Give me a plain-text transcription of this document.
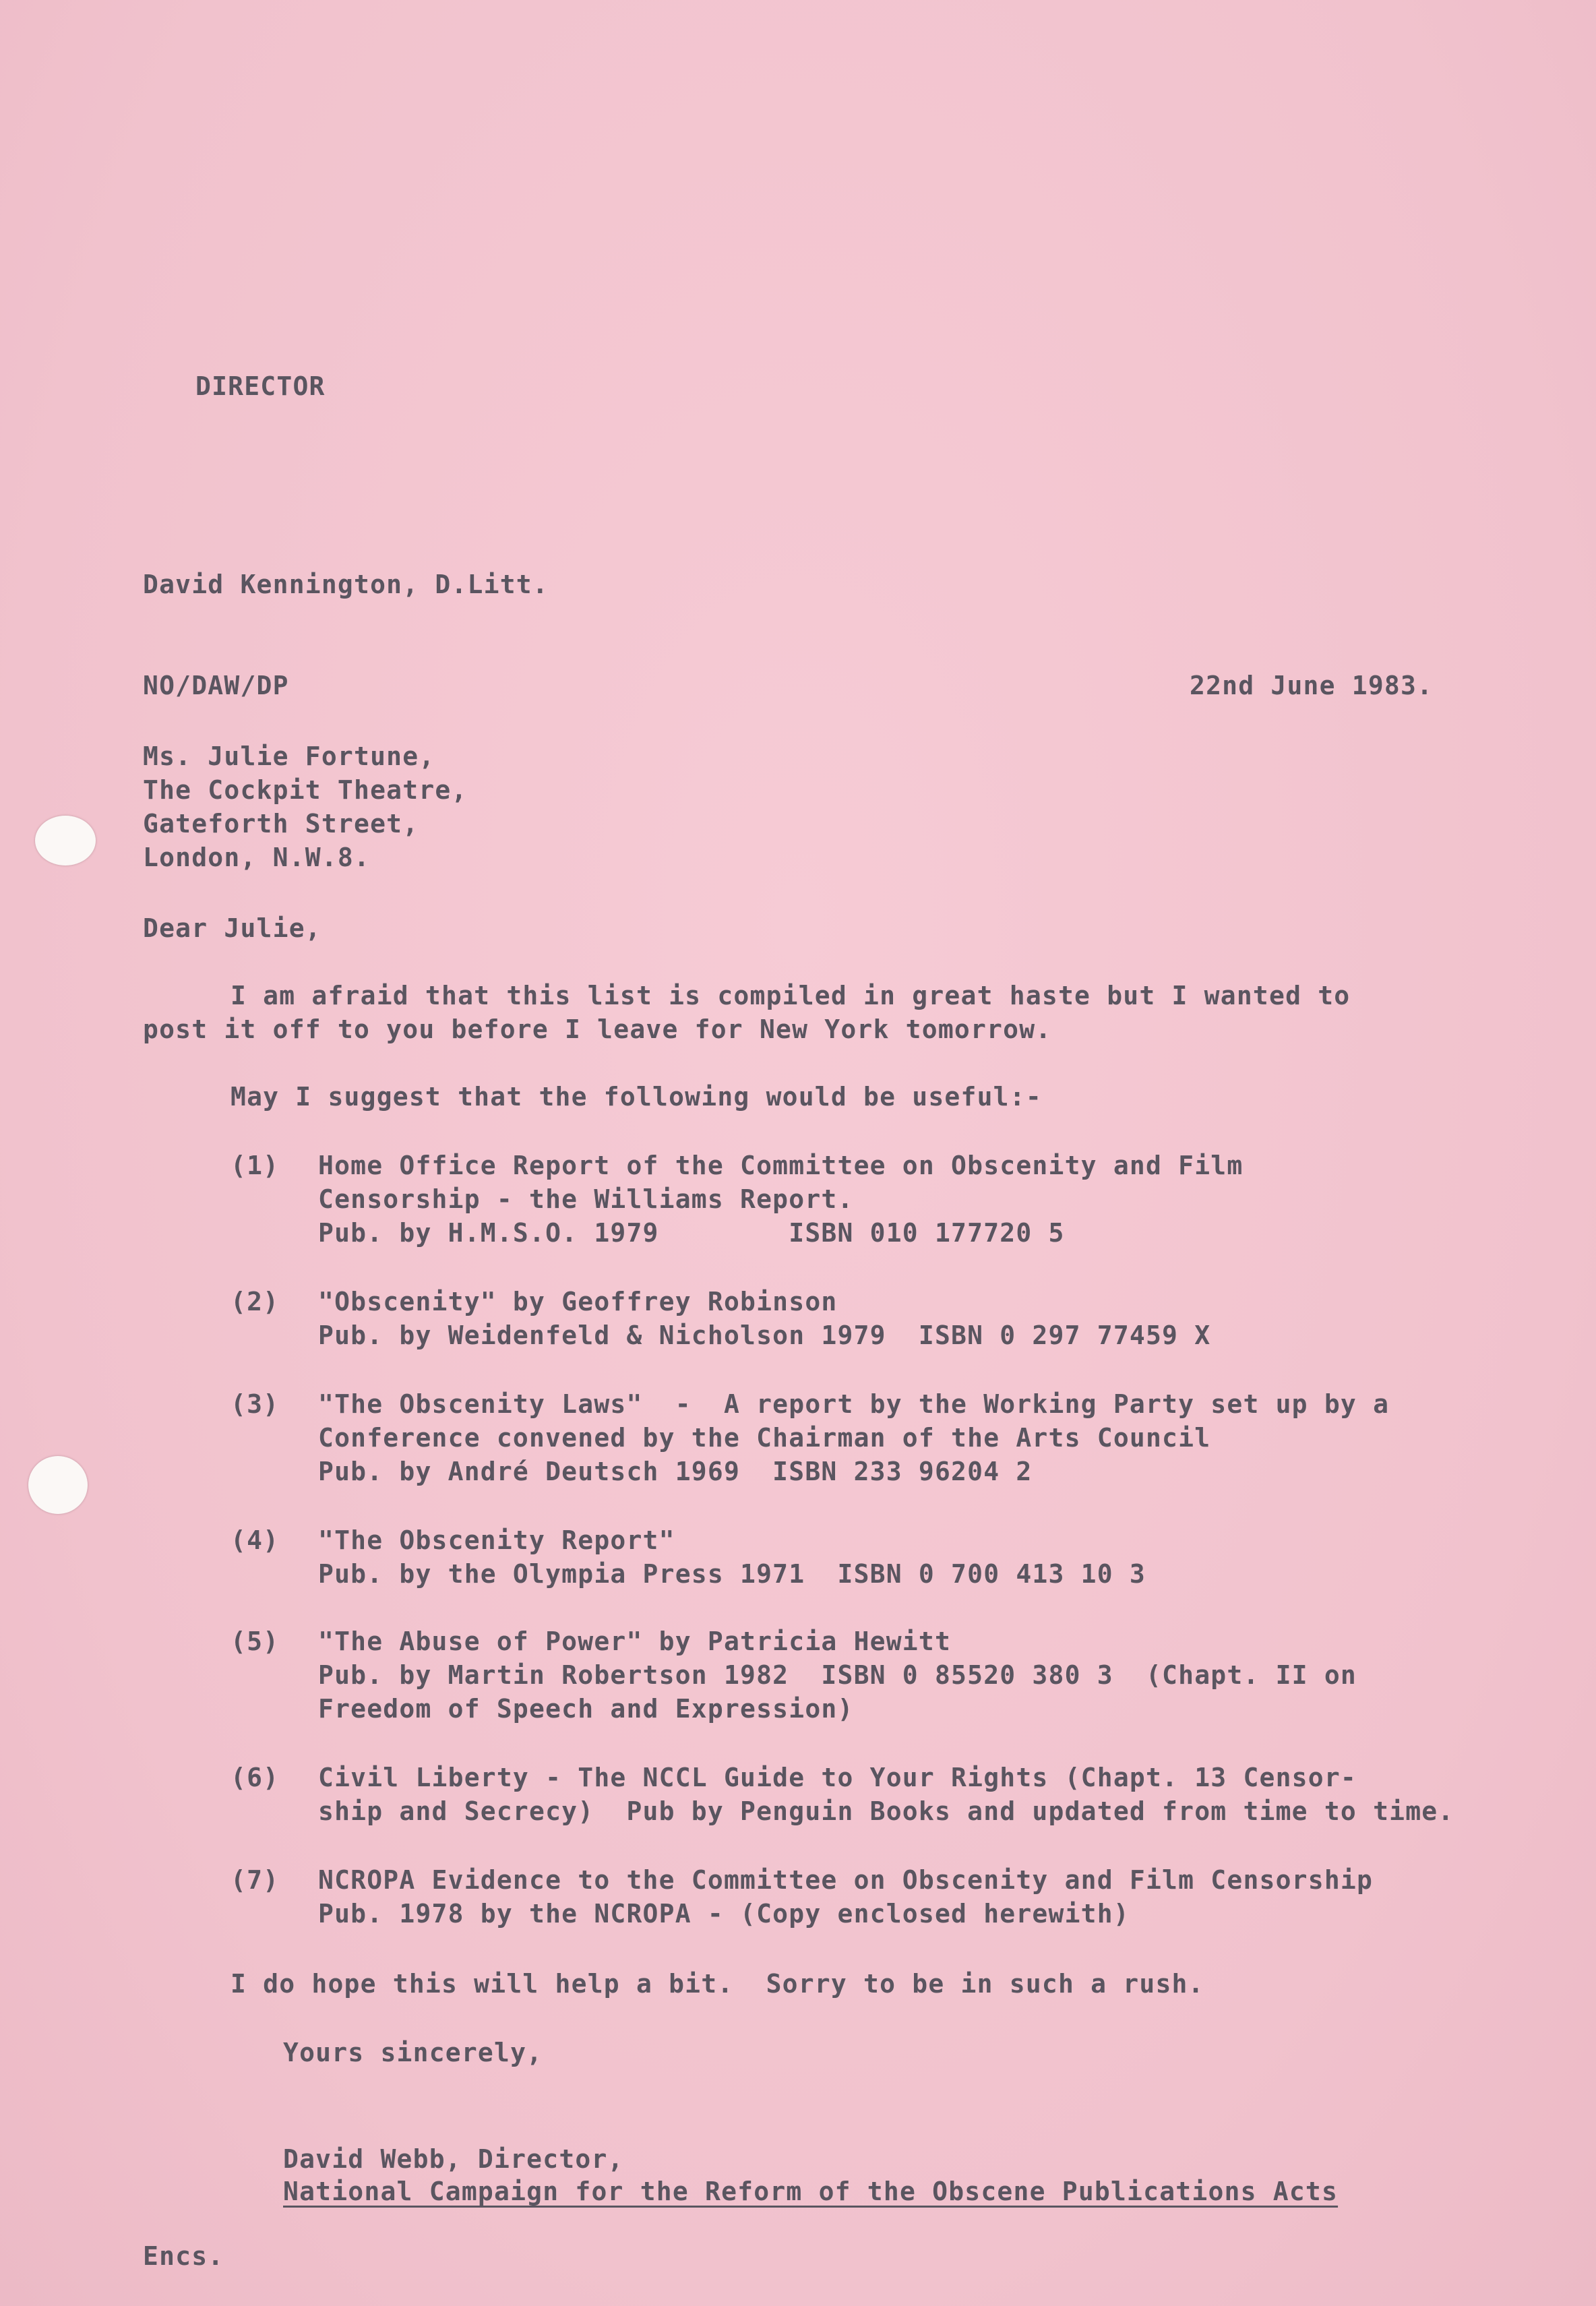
DIRECTOR
David Kennington, D.Litt.
NO/DAW/DP	22nd June 1983.
Ms. Julie Fortune,
The Cockpit Theatre,
Gateforth Street,
London, N.W.8.
Dear Julie,
I am afraid that this list is compiled in great haste but I wanted to
post it off to you before I leave for New York tomorrow.
May I suggest that the following would be useful:-
(1) Home Office Report of the Committee on Obscenity and Film
Censorship - the Williams Report.
Pub. by H.M.S.O. 1979        ISBN 010 177720 5
(2) "Obscenity" by Geoffrey Robinson
Pub. by Weidenfeld & Nicholson 1979  ISBN 0 297 77459 X
(3) "The Obscenity Laws"  -  A report by the Working Party set up by a
Conference convened by the Chairman of the Arts Council
Pub. by André Deutsch 1969  ISBN 233 96204 2
(4) "The Obscenity Report"
Pub. by the Olympia Press 1971  ISBN 0 700 413 10 3
(5) "The Abuse of Power" by Patricia Hewitt
Pub. by Martin Robertson 1982  ISBN 0 85520 380 3  (Chapt. II on
Freedom of Speech and Expression)
(6) Civil Liberty - The NCCL Guide to Your Rights (Chapt. 13 Censor-
ship and Secrecy)  Pub by Penguin Books and updated from time to time.
(7) NCROPA Evidence to the Committee on Obscenity and Film Censorship
Pub. 1978 by the NCROPA - (Copy enclosed herewith)
I do hope this will help a bit.  Sorry to be in such a rush.
Yours sincerely,
David Webb, Director,
National Campaign for the Reform of the Obscene Publications Acts
Encs.
